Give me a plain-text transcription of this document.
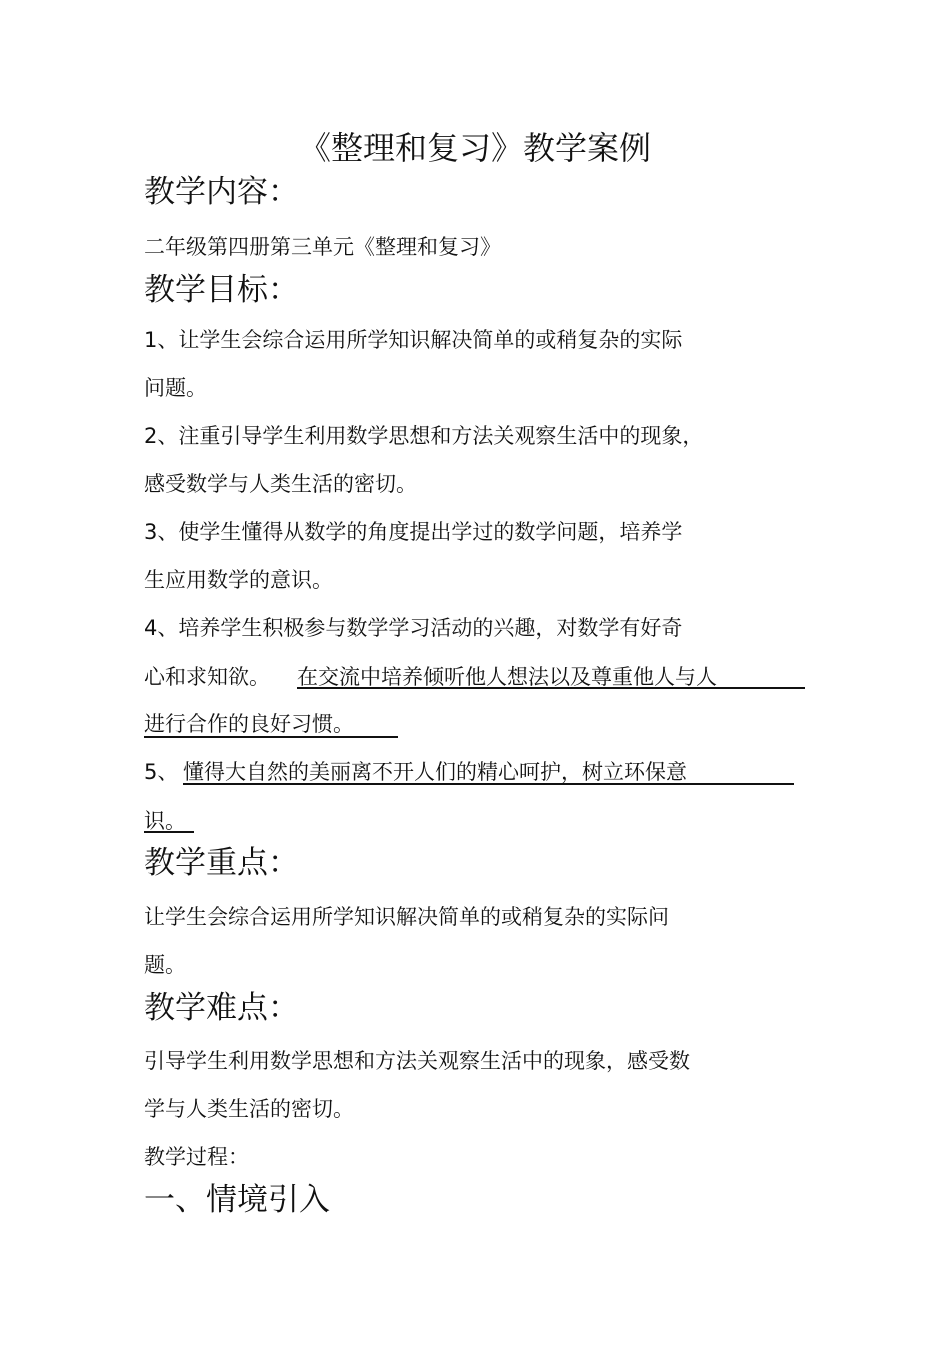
《整理和复习》教学案例
教学内容：
二年级第四册第三单元《整理和复习》
教学目标：
1、让学生会综合运用所学知识解决简单的或稍复杂的实际
问题。
2、注重引导学生利用数学思想和方法关观察生活中的现象，
感受数学与人类生活的密切。
3、使学生懂得从数学的角度提出学过的数学问题，培养学
生应用数学的意识。
4、培养学生积极参与数学学习活动的兴趣，对数学有好奇
心和求知欲。 在交流中培养倾听他人想法以及尊重他人与人
进行合作的良好习惯。
5、 懂得大自然的美丽离不开人们的精心呵护，树立环保意
识。
教学重点：
让学生会综合运用所学知识解决简单的或稍复杂的实际问
题。
教学难点：
引导学生利用数学思想和方法关观察生活中的现象，感受数
学与人类生活的密切。
教学过程：
一、情境引入
